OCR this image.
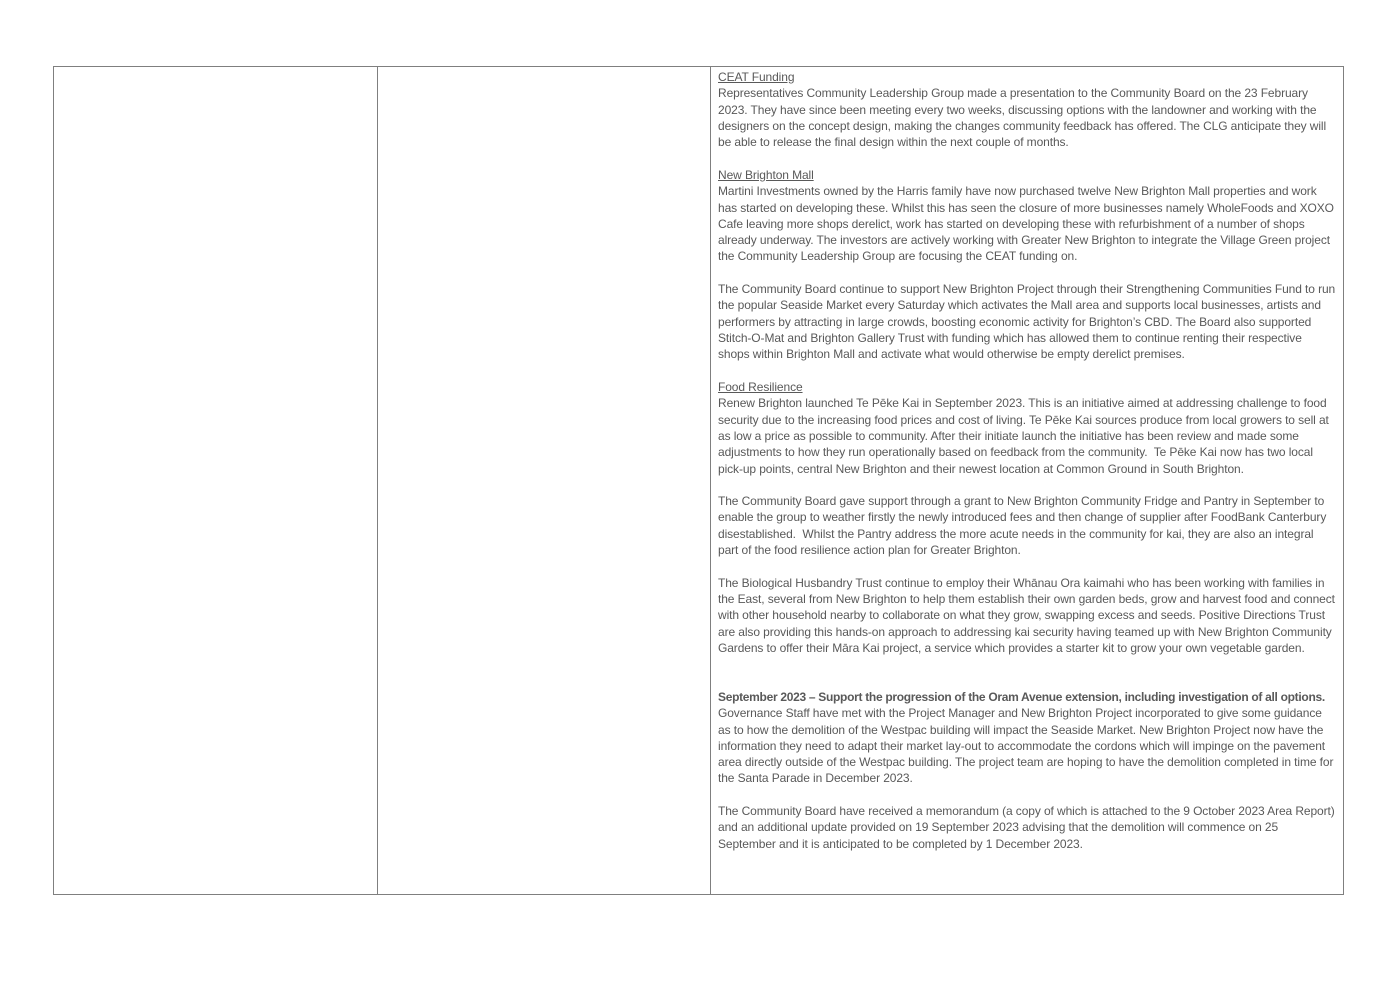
CEAT Funding
Representatives Community Leadership Group made a presentation to the Community Board on the 23 February 2023. They have since been meeting every two weeks, discussing options with the landowner and working with the designers on the concept design, making the changes community feedback has offered. The CLG anticipate they will be able to release the final design within the next couple of months.
New Brighton Mall
Martini Investments owned by the Harris family have now purchased twelve New Brighton Mall properties and work has started on developing these. Whilst this has seen the closure of more businesses namely WholeFoods and XOXO Cafe leaving more shops derelict, work has started on developing these with refurbishment of a number of shops already underway. The investors are actively working with Greater New Brighton to integrate the Village Green project the Community Leadership Group are focusing the CEAT funding on.
The Community Board continue to support New Brighton Project through their Strengthening Communities Fund to run the popular Seaside Market every Saturday which activates the Mall area and supports local businesses, artists and performers by attracting in large crowds, boosting economic activity for Brighton’s CBD. The Board also supported Stitch-O-Mat and Brighton Gallery Trust with funding which has allowed them to continue renting their respective shops within Brighton Mall and activate what would otherwise be empty derelict premises.
Food Resilience
Renew Brighton launched Te Pēke Kai in September 2023. This is an initiative aimed at addressing challenge to food security due to the increasing food prices and cost of living. Te Pēke Kai sources produce from local growers to sell at as low a price as possible to community. After their initiate launch the initiative has been review and made some adjustments to how they run operationally based on feedback from the community.  Te Pēke Kai now has two local pick-up points, central New Brighton and their newest location at Common Ground in South Brighton.
The Community Board gave support through a grant to New Brighton Community Fridge and Pantry in September to enable the group to weather firstly the newly introduced fees and then change of supplier after FoodBank Canterbury disestablished.  Whilst the Pantry address the more acute needs in the community for kai, they are also an integral part of the food resilience action plan for Greater Brighton.
The Biological Husbandry Trust continue to employ their Whānau Ora kaimahi who has been working with families in the East, several from New Brighton to help them establish their own garden beds, grow and harvest food and connect with other household nearby to collaborate on what they grow, swapping excess and seeds. Positive Directions Trust are also providing this hands-on approach to addressing kai security having teamed up with New Brighton Community Gardens to offer their Māra Kai project, a service which provides a starter kit to grow your own vegetable garden.
September 2023 – Support the progression of the Oram Avenue extension, including investigation of all options.
Governance Staff have met with the Project Manager and New Brighton Project incorporated to give some guidance as to how the demolition of the Westpac building will impact the Seaside Market. New Brighton Project now have the information they need to adapt their market lay-out to accommodate the cordons which will impinge on the pavement area directly outside of the Westpac building. The project team are hoping to have the demolition completed in time for the Santa Parade in December 2023.
The Community Board have received a memorandum (a copy of which is attached to the 9 October 2023 Area Report) and an additional update provided on 19 September 2023 advising that the demolition will commence on 25 September and it is anticipated to be completed by 1 December 2023.
